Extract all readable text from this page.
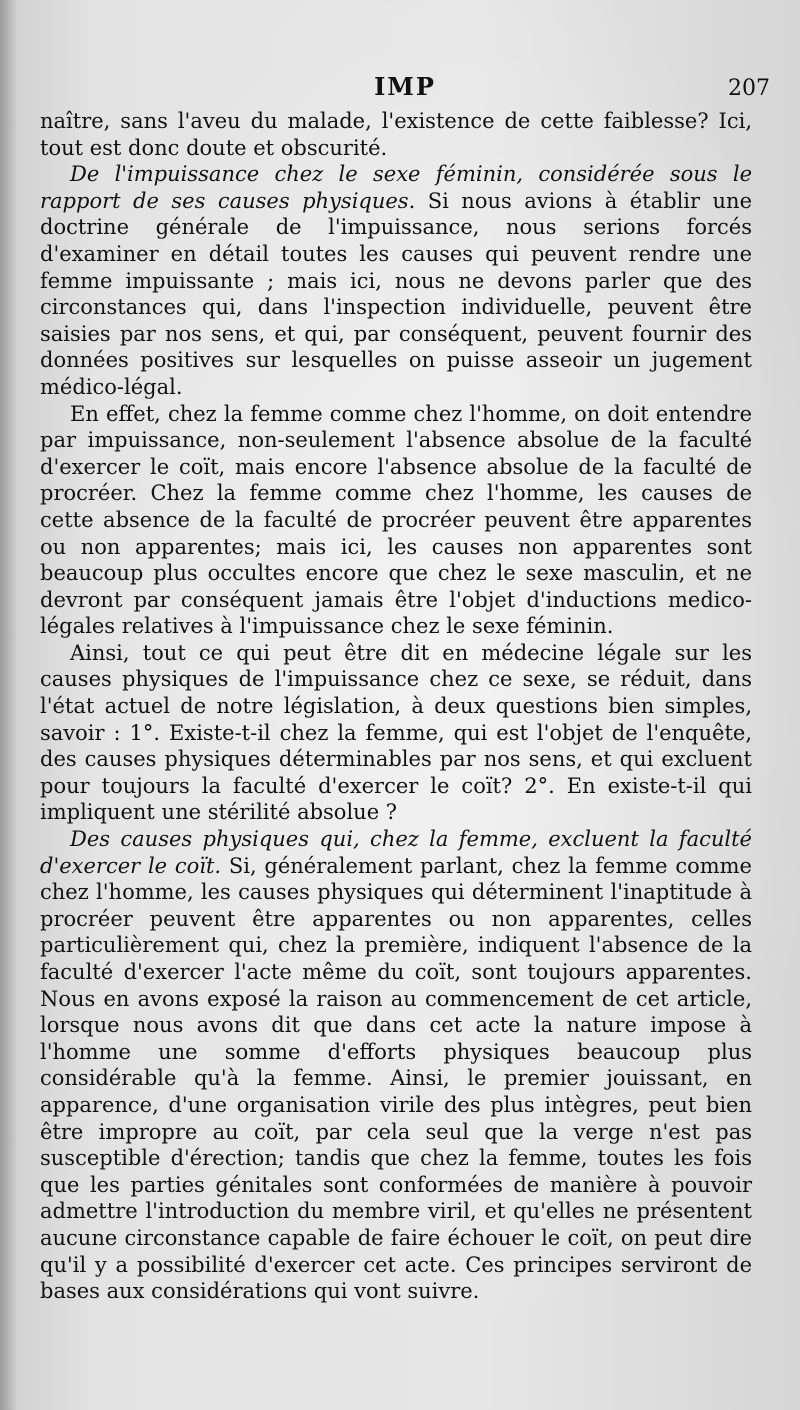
IMP	207

naître, sans l'aveu du malade, l'existence de cette faiblesse? Ici, tout est donc doute et obscurité.

De l'impuissance chez le sexe féminin, considérée sous le rapport de ses causes physiques. Si nous avions à établir une doctrine générale de l'impuissance, nous serions forcés d'examiner en détail toutes les causes qui peuvent rendre une femme impuissante ; mais ici, nous ne devons parler que des circonstances qui, dans l'inspection individuelle, peuvent être saisies par nos sens, et qui, par conséquent, peuvent fournir des données positives sur lesquelles on puisse asseoir un jugement médico-légal.

En effet, chez la femme comme chez l'homme, on doit entendre par impuissance, non-seulement l'absence absolue de la faculté d'exercer le coït, mais encore l'absence absolue de la faculté de procréer. Chez la femme comme chez l'homme, les causes de cette absence de la faculté de procréer peuvent être apparentes ou non apparentes; mais ici, les causes non apparentes sont beaucoup plus occultes encore que chez le sexe masculin, et ne devront par conséquent jamais être l'objet d'inductions medico-légales relatives à l'impuissance chez le sexe féminin.

Ainsi, tout ce qui peut être dit en médecine légale sur les causes physiques de l'impuissance chez ce sexe, se réduit, dans l'état actuel de notre législation, à deux questions bien simples, savoir : 1°. Existe-t-il chez la femme, qui est l'objet de l'enquête, des causes physiques déterminables par nos sens, et qui excluent pour toujours la faculté d'exercer le coït? 2°. En existe-t-il qui impliquent une stérilité absolue ?

Des causes physiques qui, chez la femme, excluent la faculté d'exercer le coït. Si, généralement parlant, chez la femme comme chez l'homme, les causes physiques qui déterminent l'inaptitude à procréer peuvent être apparentes ou non apparentes, celles particulièrement qui, chez la première, indiquent l'absence de la faculté d'exercer l'acte même du coït, sont toujours apparentes. Nous en avons exposé la raison au commencement de cet article, lorsque nous avons dit que dans cet acte la nature impose à l'homme une somme d'efforts physiques beaucoup plus considérable qu'à la femme. Ainsi, le premier jouissant, en apparence, d'une organisation virile des plus intègres, peut bien être impropre au coït, par cela seul que la verge n'est pas susceptible d'érection; tandis que chez la femme, toutes les fois que les parties génitales sont conformées de manière à pouvoir admettre l'introduction du membre viril, et qu'elles ne présentent aucune circonstance capable de faire échouer le coït, on peut dire qu'il y a possibilité d'exercer cet acte. Ces principes serviront de bases aux considérations qui vont suivre.
